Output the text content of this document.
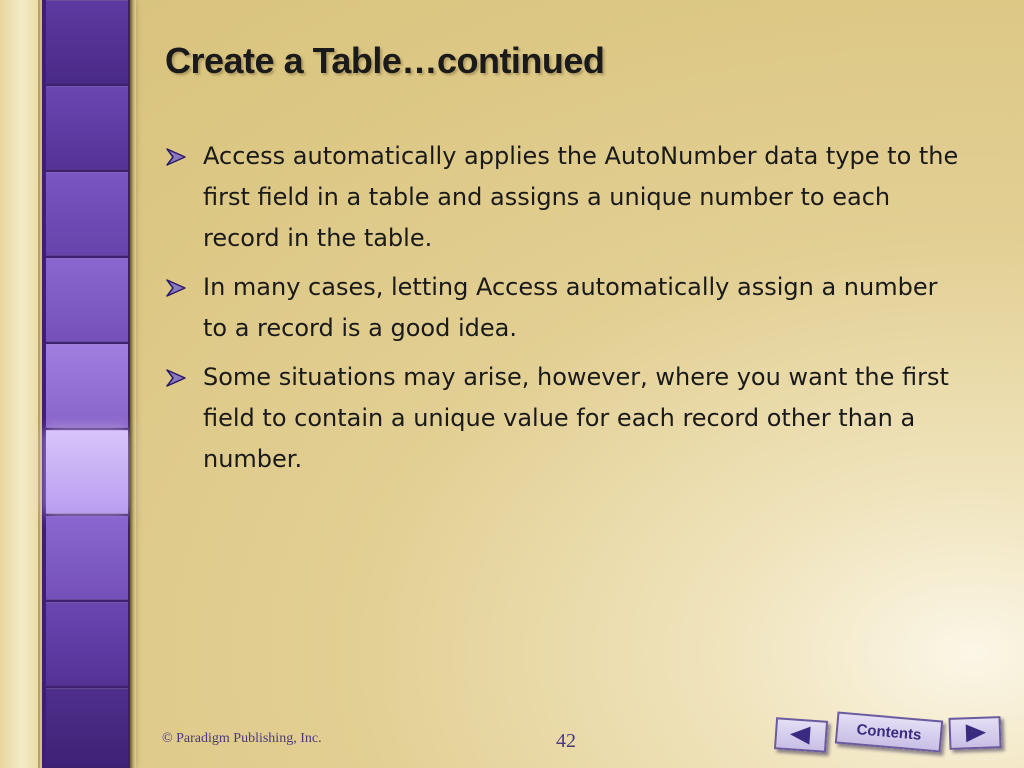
Create a Table…continued
Access automatically applies the AutoNumber data type to the first field in a table and assigns a unique number to each record in the table.
In many cases, letting Access automatically assign a number to a record is a good idea.
Some situations may arise, however, where you want the first field to contain a unique value for each record other than a number.
© Paradigm Publishing, Inc.	42	Contents
